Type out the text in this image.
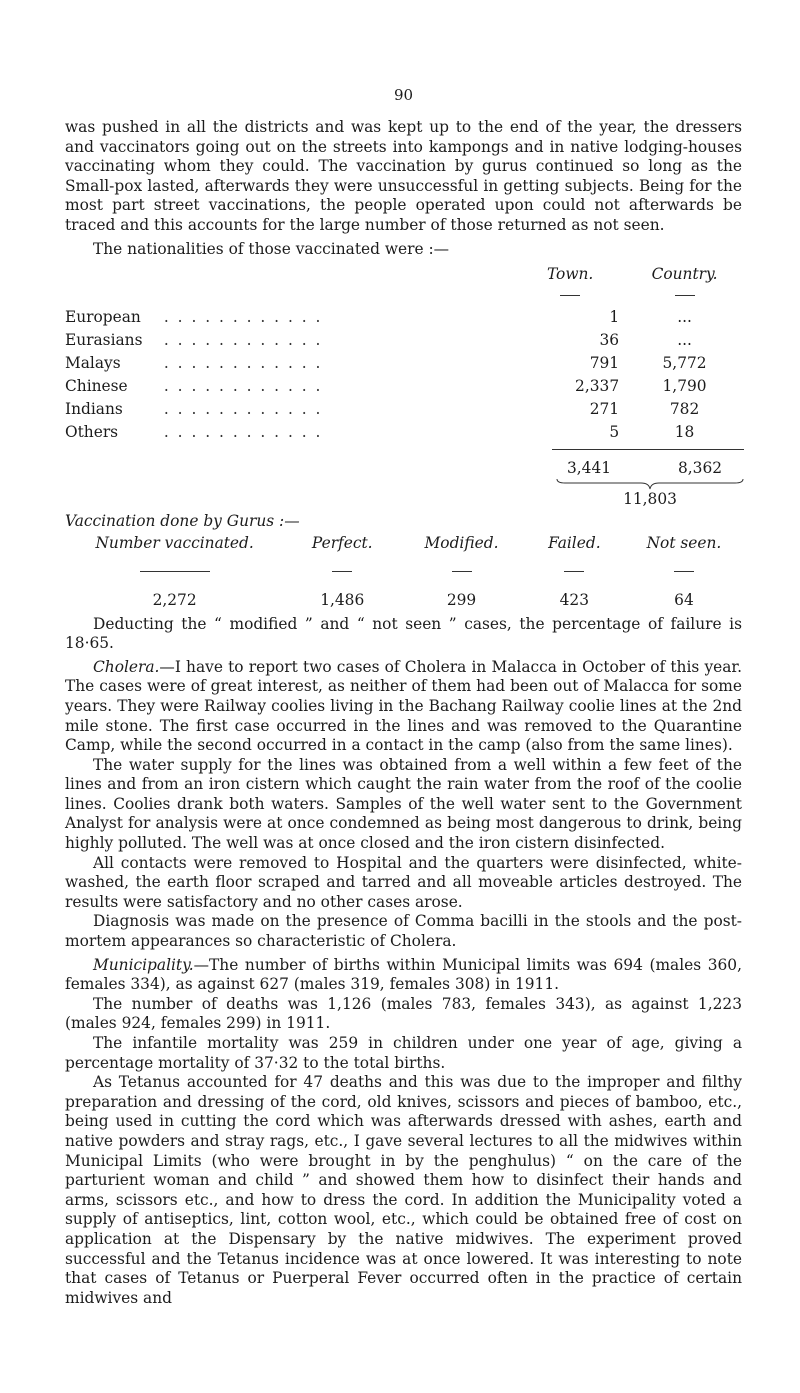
90

was pushed in all the districts and was kept up to the end of the year, the dressers and vaccinators going out on the streets into kampongs and in native lodging-houses vaccinating whom they could. The vaccination by gurus continued so long as the Small-pox lasted, afterwards they were unsuccessful in getting subjects. Being for the most part street vaccinations, the people operated upon could not afterwards be traced and this accounts for the large number of those returned as not seen.

The nationalities of those vaccinated were :—

		Town.	Country.

European	. . . . . . . . . . . .	1	...
Eurasians	. . . . . . . . . . . .	36	...
Malays	. . . . . . . . . . . .	791	5,772
Chinese	. . . . . . . . . . . .	2,337	1,790
Indians	. . . . . . . . . . . .	271	782
Others	. . . . . . . . . . . .	5	18
3,441	8,362
11,803
Vaccination done by Gurus :—
Number vaccinated.	Perfect.	Modified.	Failed.	Not seen.

2,272	1,486	299	423	64

Deducting the “ modified ” and “ not seen ” cases, the percentage of failure is 18·65.

Cholera.—I have to report two cases of Cholera in Malacca in October of this year. The cases were of great interest, as neither of them had been out of Malacca for some years. They were Railway coolies living in the Bachang Railway coolie lines at the 2nd mile stone. The first case occurred in the lines and was removed to the Quarantine Camp, while the second occurred in a contact in the camp (also from the same lines).

The water supply for the lines was obtained from a well within a few feet of the lines and from an iron cistern which caught the rain water from the roof of the coolie lines. Coolies drank both waters. Samples of the well water sent to the Government Analyst for analysis were at once condemned as being most dangerous to drink, being highly polluted. The well was at once closed and the iron cistern disinfected.

All contacts were removed to Hospital and the quarters were disinfected, white-washed, the earth floor scraped and tarred and all moveable articles destroyed. The results were satisfactory and no other cases arose.

Diagnosis was made on the presence of Comma bacilli in the stools and the post-mortem appearances so characteristic of Cholera.

Municipality.—The number of births within Municipal limits was 694 (males 360, females 334), as against 627 (males 319, females 308) in 1911.

The number of deaths was 1,126 (males 783, females 343), as against 1,223 (males 924, females 299) in 1911.

The infantile mortality was 259 in children under one year of age, giving a percentage mortality of 37·32 to the total births.

As Tetanus accounted for 47 deaths and this was due to the improper and filthy preparation and dressing of the cord, old knives, scissors and pieces of bamboo, etc., being used in cutting the cord which was afterwards dressed with ashes, earth and native powders and stray rags, etc., I gave several lectures to all the midwives within Municipal Limits (who were brought in by the penghulus) “ on the care of the parturient woman and child ” and showed them how to disinfect their hands and arms, scissors etc., and how to dress the cord. In addition the Municipality voted a supply of antiseptics, lint, cotton wool, etc., which could be obtained free of cost on application at the Dispensary by the native midwives. The experiment proved successful and the Tetanus incidence was at once lowered. It was interesting to note that cases of Tetanus or Puerperal Fever occurred often in the practice of certain midwives and
